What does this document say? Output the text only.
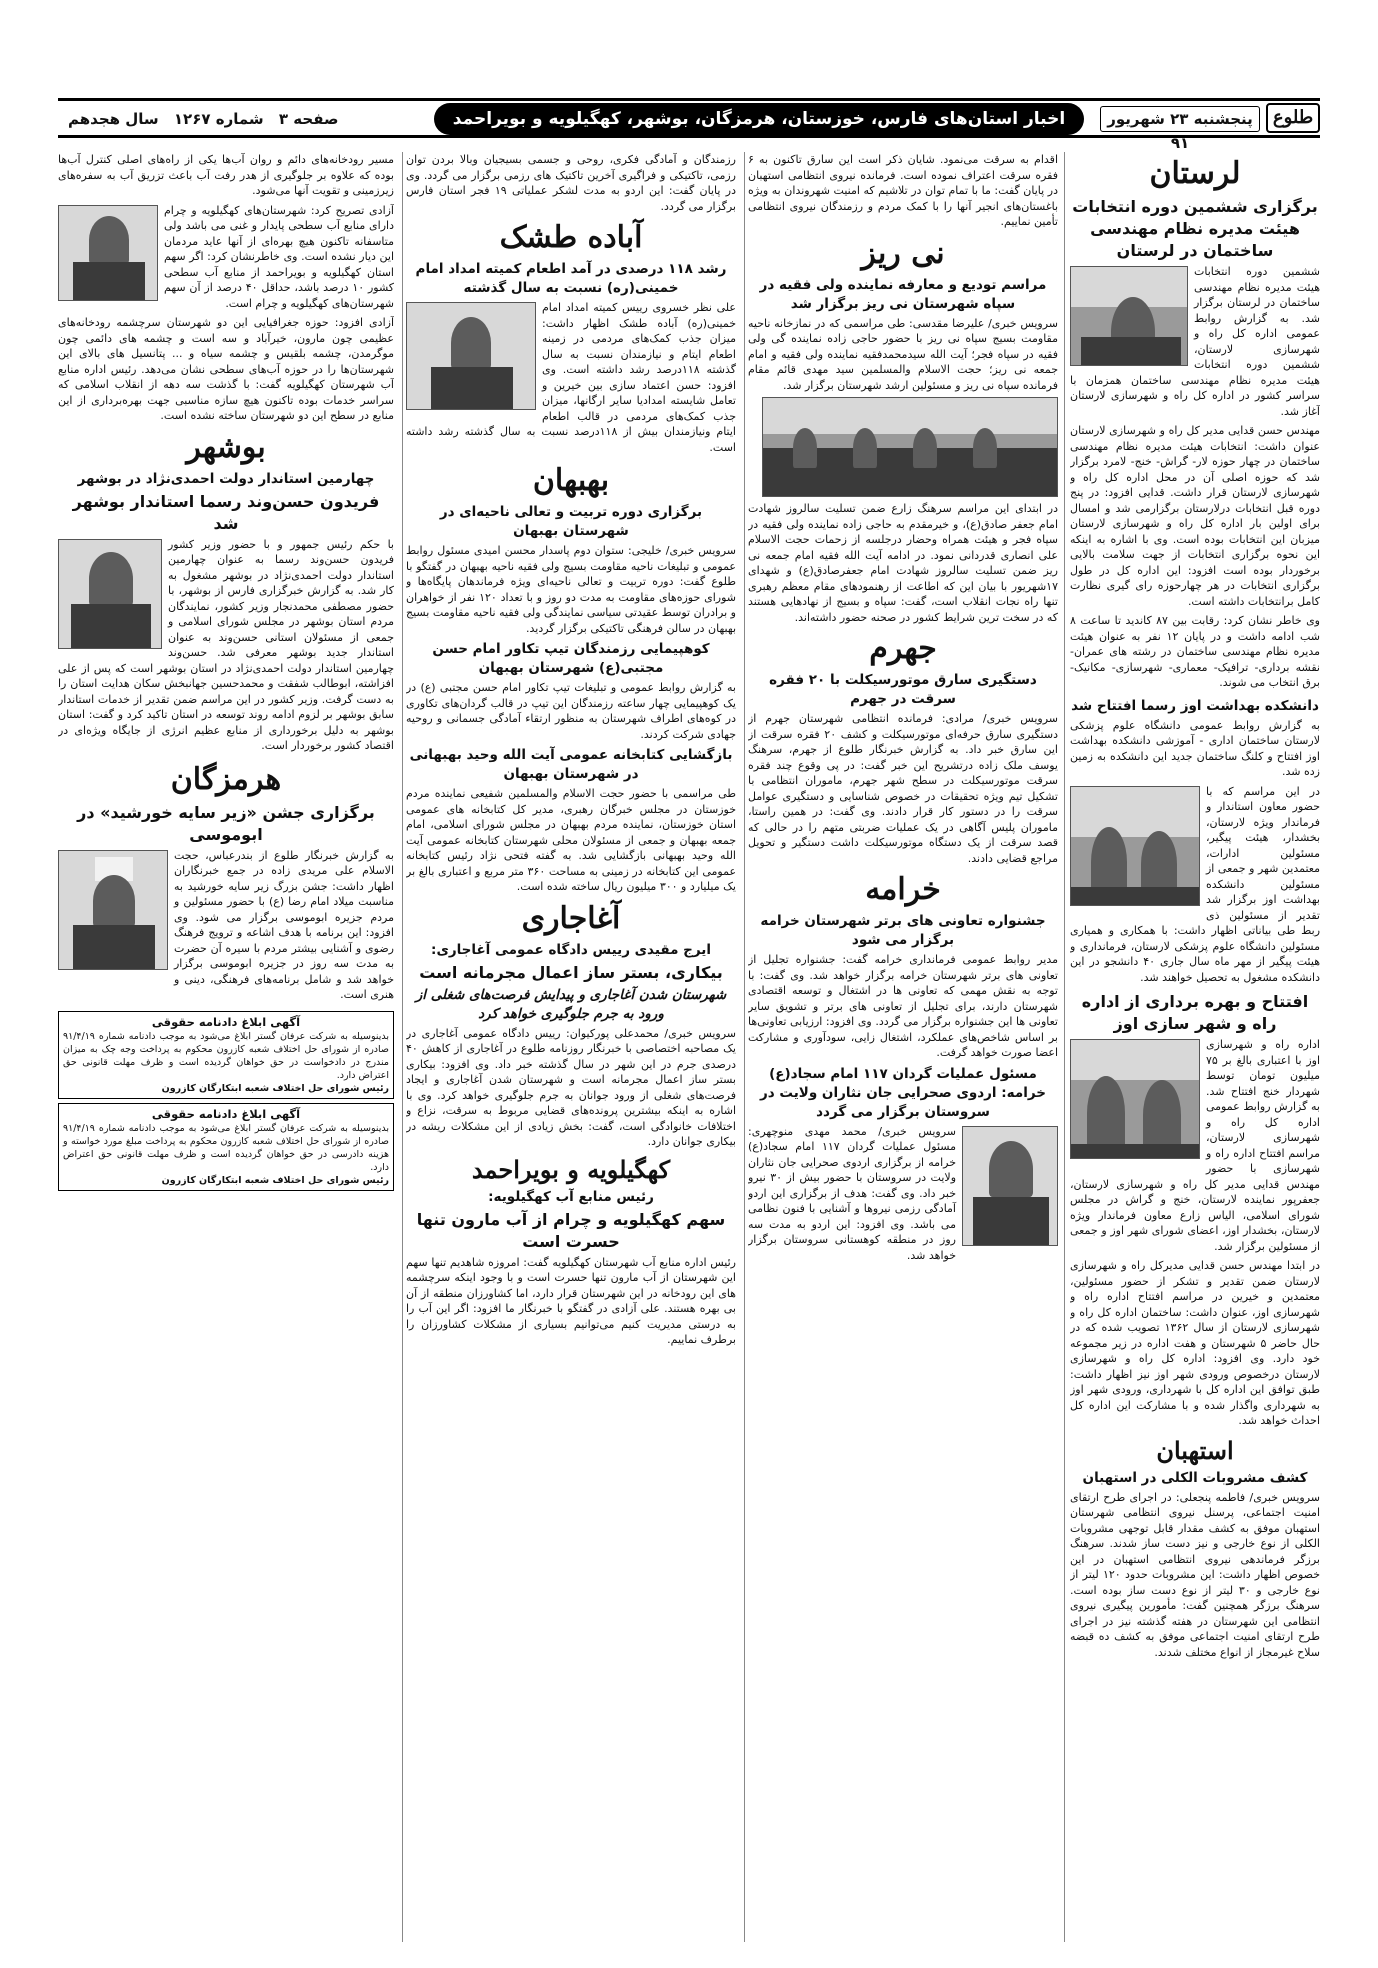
طلوع
پنجشنبه ۲۳ شهریور ۹۱
اخبار استان‌های فارس، خوزستان، هرمزگان، بوشهر، کهگیلویه و بویراحمد
صفحه ۳ شماره ۱۲۶۷ سال هجدهم
لرستان
برگزاری ششمین دوره انتخابات هیئت مدیره نظام مهندسی ساختمان در لرستان
ششمین دوره انتخابات هیئت مدیره نظام مهندسی ساختمان در لرستان برگزار شد. به گزارش روابط عمومی اداره کل راه و شهرسازی لارستان، ششمین دوره انتخابات هیئت مدیره نظام مهندسی ساختمان همزمان با سراسر کشور در اداره کل راه و شهرسازی لارستان آغاز شد.
مهندس حسن قدایی مدیر کل راه و شهرسازی لارستان عنوان داشت: انتخابات هیئت مدیره نظام مهندسی ساختمان در چهار حوزه لار- گراش- خنج- لامرد برگزار شد که حوزه اصلی آن در محل اداره کل راه و شهرسازی لارستان قرار داشت. قدایی افزود: در پنج دوره قبل انتخابات درلارستان برگزارمی شد و امسال برای اولین بار اداره کل راه و شهرسازی لارستان میزبان این انتخابات بوده است. وی با اشاره به اینکه این نحوه برگزاری انتخابات از جهت سلامت بالایی برخوردار بوده است افزود: این اداره کل در طول برگزاری انتخابات در هر چهارحوزه رای گیری نظارت کامل برانتخابات داشته است.
وی خاطر نشان کرد: رقابت بین ۸۷ کاندید تا ساعت ۸ شب ادامه داشت و در پایان ۱۲ نفر به عنوان هیئت مدیره نظام مهندسی ساختمان در رشته های عمران- نقشه برداری- ترافیک- معماری- شهرسازی- مکانیک- برق انتخاب می شوند.
دانشکده بهداشت اوز رسما افتتاح شد
به گزارش روابط عمومی دانشگاه علوم پزشکی لارستان ساختمان اداری - آموزشی دانشکده بهداشت اوز افتتاح و کلنگ ساختمان جدید این دانشکده به زمین زده شد.
در این مراسم که با حضور معاون استاندار و فرماندار ویژه لارستان، بخشدار، هیئت پیگیر، مسئولین ادارات، معتمدین شهر و جمعی از مسئولین دانشکده بهداشت اوز برگزار شد تقدیر از مسئولین ذی ربط طی بیاناتی اظهار داشت: با همکاری و همیاری مسئولین دانشگاه علوم پزشکی لارستان، فرمانداری و هیئت پیگیر از مهر ماه سال جاری ۴۰ دانشجو در این دانشکده مشغول به تحصیل خواهند شد.
افتتاح و بهره برداری از اداره راه و شهر سازی اوز
اداره راه و شهرسازی اوز با اعتباری بالغ بر ۷۵ میلیون تومان توسط شهردار خنج افتتاح شد. به گزارش روابط عمومی اداره کل راه و شهرسازی لارستان، مراسم افتتاح اداره راه و شهرسازی با حضور مهندس قدایی مدیر کل راه و شهرسازی لارستان، جعفرپور نماینده لارستان، خنج و گراش در مجلس شورای اسلامی، الیاس زارع معاون فرماندار ویژه لارستان، بخشدار اوز، اعضای شورای شهر اوز و جمعی از مسئولین برگزار شد.
در ابتدا مهندس حسن قدایی مدیرکل راه و شهرسازی لارستان ضمن تقدیر و تشکر از حضور مسئولین، معتمدین و خیرین در مراسم افتتاح اداره راه و شهرسازی اوز، عنوان داشت: ساختمان اداره کل راه و شهرسازی لارستان از سال ۱۳۶۲ تصویب شده که در حال حاضر ۵ شهرستان و هفت اداره در زیر مجموعه خود دارد. وی افزود: اداره کل راه و شهرسازی لارستان درخصوص ورودی شهر اوز نیز اظهار داشت: طبق توافق این اداره کل با شهرداری، ورودی شهر اوز به شهرداری واگذار شده و با مشارکت این اداره کل احداث خواهد شد.
استهبان
کشف مشروبات الکلی در استهبان
سرویس خبری/ فاطمه پنجعلی: در اجرای طرح ارتقای امنیت اجتماعی، پرسنل نیروی انتظامی شهرستان استهبان موفق به کشف مقدار قابل توجهی مشروبات الکلی از نوع خارجی و نیز دست ساز شدند. سرهنگ برزگر فرماندهی نیروی انتظامی استهبان در این خصوص اظهار داشت: این مشروبات حدود ۱۲۰ لیتر از نوع خارجی و ۳۰ لیتر از نوع دست ساز بوده است. سرهنگ برزگر همچنین گفت: مأمورین پیگیری نیروی انتظامی این شهرستان در هفته گذشته نیز در اجرای طرح ارتقای امنیت اجتماعی موفق به کشف ده قبضه سلاح غیرمجاز از انواع مختلف شدند.
اقدام به سرقت می‌نمود. شایان ذکر است این سارق تاکنون به ۶ فقره سرقت اعتراف نموده است. فرمانده نیروی انتظامی استهبان در پایان گفت: ما با تمام توان در تلاشیم که امنیت شهروندان به ویژه باغستان‌های انجیر آنها را با کمک مردم و رزمندگان نیروی انتظامی تأمین نماییم.
نی ریز
مراسم تودیع و معارفه نماینده ولی فقیه در سپاه شهرستان نی ریز برگزار شد
سرویس خبری/ علیرضا مقدسی: طی مراسمی که در نمازخانه ناحیه مقاومت بسیج سپاه نی ریز با حضور حاجی زاده نماینده گی ولی فقیه در سپاه فجر؛ آیت الله سیدمحمدفقیه نماینده ولی فقیه و امام جمعه نی ریز؛ حجت الاسلام والمسلمین سید مهدی قائم مقام فرمانده سپاه نی ریز و مسئولین ارشد شهرستان برگزار شد.
در ابتدای این مراسم سرهنگ زارع ضمن تسلیت سالروز شهادت امام جعفر صادق(ع)، و خیرمقدم به حاجی زاده نماینده ولی فقیه در سپاه فجر و هیئت همراه وحضار درجلسه از زحمات حجت الاسلام علی انصاری قدردانی نمود. در ادامه آیت الله فقیه امام جمعه نی ریز ضمن تسلیت سالروز شهادت امام جعفرصادق(ع) و شهدای ۱۷شهریور با بیان این که اطاعت از رهنمودهای مقام معظم رهبری تنها راه نجات انقلاب است، گفت: سپاه و بسیج از نهادهایی هستند که در سخت ترین شرایط کشور در صحنه حضور داشته‌اند.
جهرم
دستگیری سارق موتورسیکلت با ۲۰ فقره سرقت در جهرم
سرویس خبری/ مرادی: فرمانده انتظامی شهرستان جهرم از دستگیری سارق حرفه‌ای موتورسیکلت و کشف ۲۰ فقره سرقت از این سارق خبر داد. به گزارش خبرنگار طلوع از جهرم، سرهنگ یوسف ملک زاده درتشریح این خبر گفت: در پی وقوع چند فقره سرقت موتورسیکلت در سطح شهر جهرم، ماموران انتظامی با تشکیل تیم ویژه تحقیقات در خصوص شناسایی و دستگیری عوامل سرقت را در دستور کار قرار دادند. وی گفت: در همین راستا، ماموران پلیس آگاهی در یک عملیات ضربتی متهم را در حالی که قصد سرقت از یک دستگاه موتورسیکلت داشت دستگیر و تحویل مراجع قضایی دادند.
خرامه
جشنواره تعاونی های برتر شهرستان خرامه برگزار می شود
مدیر روابط عمومی فرمانداری خرامه گفت: جشنواره تجلیل از تعاونی های برتر شهرستان خرامه برگزار خواهد شد. وی گفت: با توجه به نقش مهمی که تعاونی ها در اشتغال و توسعه اقتصادی شهرستان دارند، برای تجلیل از تعاونی های برتر و تشویق سایر تعاونی ها این جشنواره برگزار می گردد. وی افزود: ارزیابی تعاونی‌ها بر اساس شاخص‌های عملکرد، اشتغال زایی، سودآوری و مشارکت اعضا صورت خواهد گرفت.
مسئول عملیات گردان ۱۱۷ امام سجاد(ع) خرامه: اردوی صحرایی جان نثاران ولایت در سروستان برگزار می گردد
سرویس خبری/ محمد مهدی منوچهری: مسئول عملیات گردان ۱۱۷ امام سجاد(ع) خرامه از برگزاری اردوی صحرایی جان نثاران ولایت در سروستان با حضور بیش از ۳۰ نیرو خبر داد. وی گفت: هدف از برگزاری این اردو آمادگی رزمی نیروها و آشنایی با فنون نظامی می باشد. وی افزود: این اردو به مدت سه روز در منطقه کوهستانی سروستان برگزار خواهد شد.
رزمندگان و آمادگی فکری، روحی و جسمی بسیجیان وبالا بردن توان رزمی، تاکتیکی و فراگیری آخرین تاکتیک های رزمی برگزار می گردد. وی در پایان گفت: این اردو به مدت لشکر عملیاتی ۱۹ فجر استان فارس برگزار می گردد.
آباده طشک
رشد ۱۱۸ درصدی در آمد اطعام کمیته امداد امام خمینی(ره) نسبت به سال گذشته
علی نظر خسروی رییس کمیته امداد امام خمینی(ره) آباده طشک اظهار داشت: میزان جذب کمک‌های مردمی در زمینه اطعام ایتام و نیازمندان نسبت به سال گذشته ۱۱۸درصد رشد داشته است. وی افزود: حسن اعتماد سازی بین خیرین و تعامل شایسته امدادیا سایر ارگانها، میزان جذب کمک‌های مردمی در قالب اطعام ایتام ونیازمندان بیش از ۱۱۸درصد نسبت به سال گذشته رشد داشته است.
بهبهان
برگزاری دوره تربیت و تعالی ناحیه‌ای در شهرستان بهبهان
سرویس خبری/ خلیجی: ستوان دوم پاسدار محسن امیدی مسئول روابط عمومی و تبلیغات ناحیه مقاومت بسیج ولی فقیه ناحیه بهبهان در گفتگو با طلوع گفت: دوره تربیت و تعالی ناحیه‌ای ویژه فرماندهان پایگاه‌ها و شورای حوزه‌های مقاومت به مدت دو روز و با تعداد ۱۲۰ نفر از خواهران و برادران توسط عقیدتی سیاسی نمایندگی ولی فقیه ناحیه مقاومت بسیج بهبهان در سالن فرهنگی تاکتیکی برگزار گردید.
کوهپیمایی رزمندگان تیپ تکاور امام حسن مجتبی(ع) شهرستان بهبهان
به گزارش روابط عمومی و تبلیغات تیپ تکاور امام حسن مجتبی (ع) در یک کوهپیمایی چهار ساعته رزمندگان این تیپ در قالب گردان‌های تکاوری در کوه‌های اطراف شهرستان به منظور ارتقاء آمادگی جسمانی و روحیه جهادی شرکت کردند.
بازگشایی کتابخانه عمومی آیت الله وحید بهبهانی در شهرستان بهبهان
طی مراسمی با حضور حجت الاسلام والمسلمین شفیعی نماینده مردم خوزستان در مجلس خبرگان رهبری، مدیر کل کتابخانه های عمومی استان خوزستان، نماینده مردم بهبهان در مجلس شورای اسلامی، امام جمعه بهبهان و جمعی از مسئولان محلی شهرستان کتابخانه عمومی آیت الله وحید بهبهانی بازگشایی شد. به گفته فتحی نژاد رئیس کتابخانه عمومی این کتابخانه در زمینی به مساحت ۳۶۰ متر مربع و اعتباری بالغ بر یک میلیارد و ۳۰۰ میلیون ریال ساخته شده است.
آغاجاری
ایرج مقیدی رییس دادگاه عمومی آغاجاری:
بیکاری، بستر ساز اعمال مجرمانه است
شهرستان شدن آغاجاری و پیدایش فرصت‌های شغلی از ورود به جرم جلوگیری خواهد کرد
سرویس خبری/ محمدعلی پورکیوان: رییس دادگاه عمومی آغاجاری در یک مصاحبه اختصاصی با خبرنگار روزنامه طلوع در آغاجاری از کاهش ۴۰ درصدی جرم در این شهر در سال گذشته خبر داد. وی افزود: بیکاری بستر ساز اعمال مجرمانه است و شهرستان شدن آغاجاری و ایجاد فرصت‌های شغلی از ورود جوانان به جرم جلوگیری خواهد کرد. وی با اشاره به اینکه بیشترین پرونده‌های قضایی مربوط به سرقت، نزاع و اختلافات خانوادگی است، گفت: بخش زیادی از این مشکلات ریشه در بیکاری جوانان دارد.
کهگیلویه و بویراحمد
رئیس منابع آب کهگیلویه:
سهم کهگیلویه و چرام از آب مارون تنها حسرت است
رئیس اداره منابع آب شهرستان کهگیلویه گفت: امروزه شاهدیم تنها سهم این شهرستان از آب مارون تنها حسرت است و با وجود اینکه سرچشمه های این رودخانه در این شهرستان قرار دارد، اما کشاورزان منطقه از آن بی بهره هستند. علی آزادی در گفتگو با خبرنگار ما افزود: اگر این آب را به درستی مدیریت کنیم می‌توانیم بسیاری از مشکلات کشاورزان را برطرف نماییم.
مسیر رودخانه‌های دائم و روان آب‌ها یکی از راه‌های اصلی کنترل آب‌ها بوده که علاوه بر جلوگیری از هدر رفت آب باعث تزریق آب به سفره‌های زیرزمینی و تقویت آنها می‌شود.
آزادی تصریح کرد: شهرستان‌های کهگیلویه و چرام دارای منابع آب سطحی پایدار و غنی می باشد ولی متاسفانه تاکنون هیچ بهره‌ای از آنها عاید مردمان این دیار نشده است. وی خاطرنشان کرد: اگر سهم استان کهگیلویه و بویراحمد از منابع آب سطحی کشور ۱۰ درصد باشد، حداقل ۴۰ درصد از آن سهم شهرستان‌های کهگیلویه و چرام است.
آزادی افزود: حوزه جغرافیایی این دو شهرستان سرچشمه رودخانه‌های عظیمی چون مارون، خیرآباد و سه است و چشمه های دائمی چون موگرمدن، چشمه بلقیس و چشمه سیاه و ... پتانسیل های بالای این شهرستان‌ها را در حوزه آب‌های سطحی نشان می‌دهد. رئیس اداره منابع آب شهرستان کهگیلویه گفت: با گذشت سه دهه از انقلاب اسلامی که سراسر خدمات بوده تاکنون هیچ سازه مناسبی جهت بهره‌برداری از این منابع در سطح این دو شهرستان ساخته نشده است.
بوشهر
چهارمین استاندار دولت احمدی‌نژاد در بوشهر
فریدون حسن‌وند رسما استاندار بوشهر شد
با حکم رئیس جمهور و با حضور وزیر کشور فریدون حسن‌وند رسما به عنوان چهارمین استاندار دولت احمدی‌نژاد در بوشهر مشغول به کار شد. به گزارش خبرگزاری فارس از بوشهر، با حضور مصطفی محمدنجار وزیر کشور، نمایندگان مردم استان بوشهر در مجلس شورای اسلامی و جمعی از مسئولان استانی حسن‌وند به عنوان استاندار جدید بوشهر معرفی شد. حسن‌وند چهارمین استاندار دولت احمدی‌نژاد در استان بوشهر است که پس از علی افزاشته، ابوطالب شفقت و محمدحسین جهانبخش سکان هدایت استان را به دست گرفت. وزیر کشور در این مراسم ضمن تقدیر از خدمات استاندار سابق بوشهر بر لزوم ادامه روند توسعه در استان تاکید کرد و گفت: استان بوشهر به دلیل برخورداری از منابع عظیم انرژی از جایگاه ویژه‌ای در اقتصاد کشور برخوردار است.
هرمزگان
برگزاری جشن «زیر سایه خورشید» در ابوموسی
به گزارش خبرنگار طلوع از بندرعباس، حجت الاسلام علی مریدی زاده در جمع خبرنگاران اظهار داشت: جشن بزرگ زیر سایه خورشید به مناسبت میلاد امام رضا (ع) با حضور مسئولین و مردم جزیره ابوموسی برگزار می شود. وی افزود: این برنامه با هدف اشاعه و ترویج فرهنگ رضوی و آشنایی بیشتر مردم با سیره آن حضرت به مدت سه روز در جزیره ابوموسی برگزار خواهد شد و شامل برنامه‌های فرهنگی، دینی و هنری است.
آگهی ابلاغ دادنامه حقوقی
بدینوسیله به شرکت عرفان گستر ابلاغ می‌شود به موجب دادنامه شماره ۹۱/۴/۱۹ صادره از شورای حل اختلاف شعبه کازرون محکوم به پرداخت وجه چک به میزان مندرج در دادخواست در حق خواهان گردیده است و ظرف مهلت قانونی حق اعتراض دارد.
رئیس شورای حل اختلاف شعبه ابتکارگان کازرون
آگهی ابلاغ دادنامه حقوقی
بدینوسیله به شرکت عرفان گستر ابلاغ می‌شود به موجب دادنامه شماره ۹۱/۴/۱۹ صادره از شورای حل اختلاف شعبه کازرون محکوم به پرداخت مبلغ مورد خواسته و هزینه دادرسی در حق خواهان گردیده است و ظرف مهلت قانونی حق اعتراض دارد.
رئیس شورای حل اختلاف شعبه ابتکارگان کازرون
